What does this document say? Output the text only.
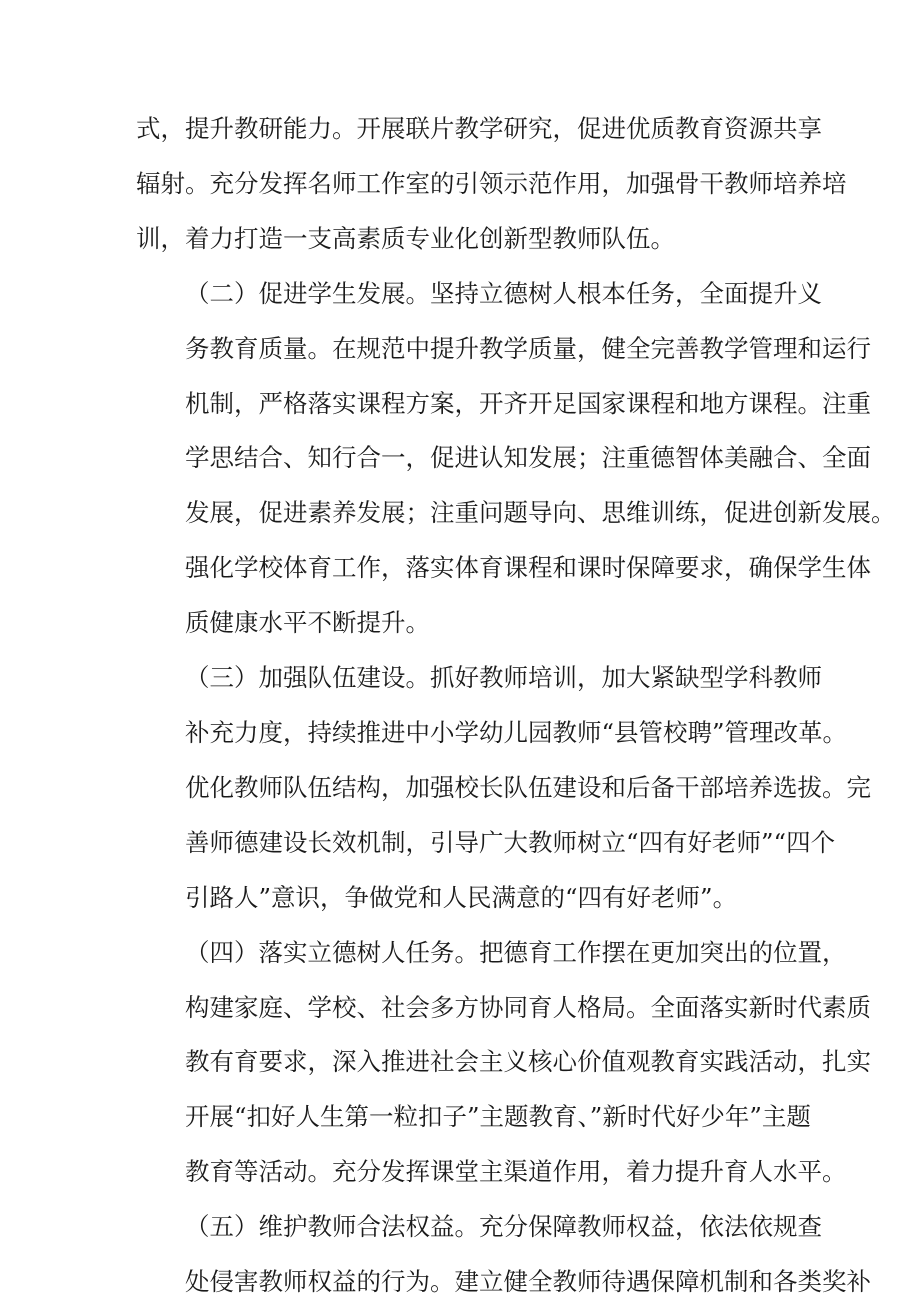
式，提升教研能力。开展联片教学研究，促进优质教育资源共享
辐射。充分发挥名师工作室的引领示范作用，加强骨干教师培养培
训，着力打造一支高素质专业化创新型教师队伍。
（二）促进学生发展。坚持立德树人根本任务，全面提升义
务教育质量。在规范中提升教学质量，健全完善教学管理和运行
机制，严格落实课程方案，开齐开足国家课程和地方课程。注重
学思结合、知行合一，促进认知发展；注重德智体美融合、全面
发展，促进素养发展；注重问题导向、思维训练，促进创新发展。
强化学校体育工作，落实体育课程和课时保障要求，确保学生体
质健康水平不断提升。
（三）加强队伍建设。抓好教师培训，加大紧缺型学科教师
补充力度，持续推进中小学幼儿园教师“县管校聘”管理改革。
优化教师队伍结构，加强校长队伍建设和后备干部培养选拔。完
善师德建设长效机制，引导广大教师树立“四有好老师”“四个
引路人”意识，争做党和人民满意的“四有好老师”。
（四）落实立德树人任务。把德育工作摆在更加突出的位置，
构建家庭、学校、社会多方协同育人格局。全面落实新时代素质
教有育要求，深入推进社会主义核心价值观教育实践活动，扎实
开展“扣好人生第一粒扣子”主题教育、”新时代好少年”主题
教育等活动。充分发挥课堂主渠道作用，着力提升育人水平。
（五）维护教师合法权益。充分保障教师权益，依法依规查
处侵害教师权益的行为。建立健全教师待遇保障机制和各类奖补
